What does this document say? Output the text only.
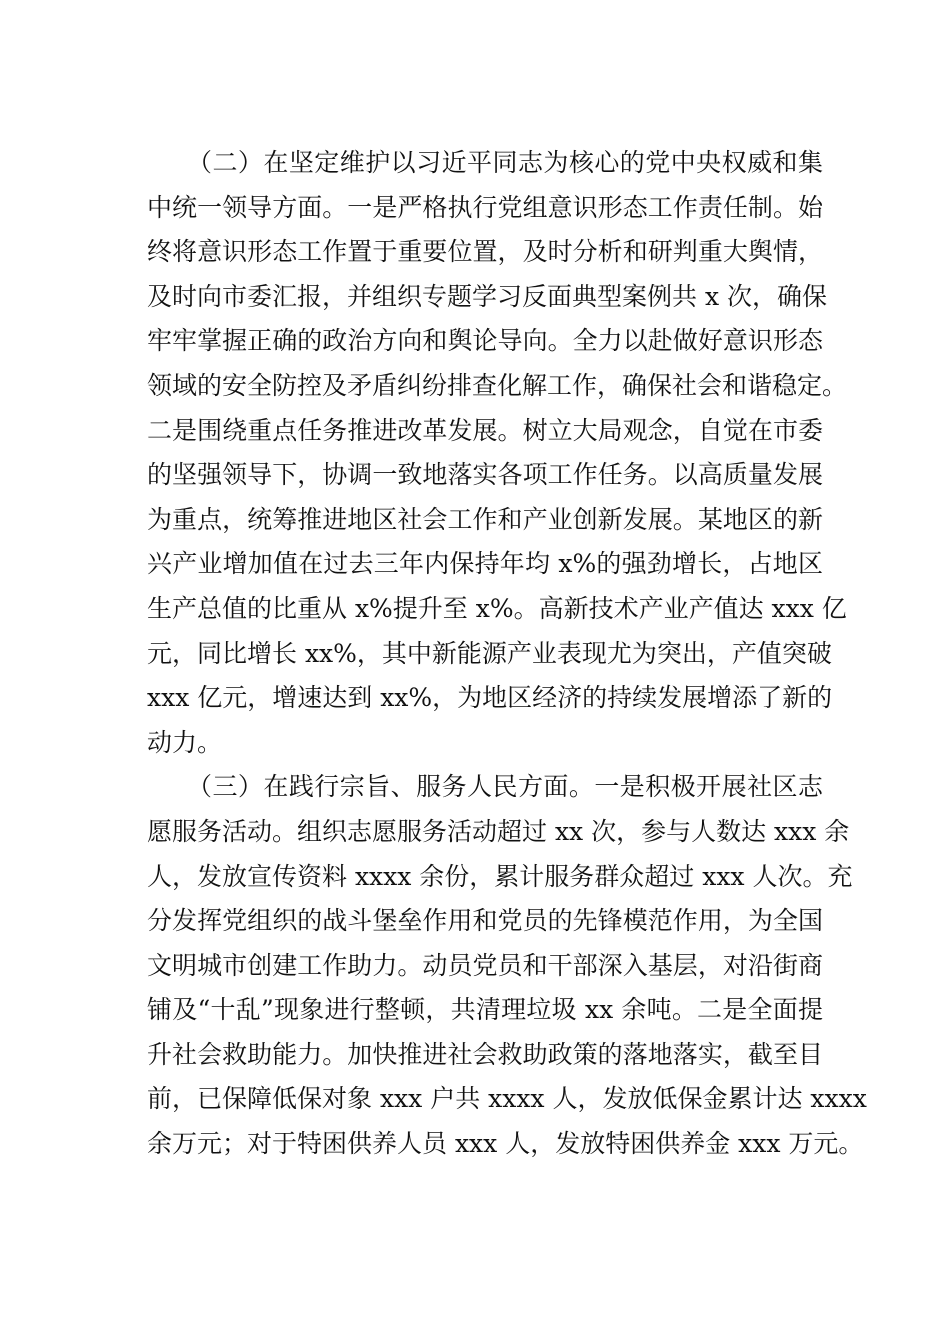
（二）在坚定维护以习近平同志为核心的党中央权威和集
中统一领导方面。一是严格执行党组意识形态工作责任制。始
终将意识形态工作置于重要位置，及时分析和研判重大舆情，
及时向市委汇报，并组织专题学习反面典型案例共 x 次，确保
牢牢掌握正确的政治方向和舆论导向。全力以赴做好意识形态
领域的安全防控及矛盾纠纷排查化解工作，确保社会和谐稳定。
二是围绕重点任务推进改革发展。树立大局观念，自觉在市委
的坚强领导下，协调一致地落实各项工作任务。以高质量发展
为重点，统筹推进地区社会工作和产业创新发展。某地区的新
兴产业增加值在过去三年内保持年均 x%的强劲增长，占地区
生产总值的比重从 x%提升至 x%。高新技术产业产值达 xxx 亿
元，同比增长 xx%，其中新能源产业表现尤为突出，产值突破
xxx 亿元，增速达到 xx%，为地区经济的持续发展增添了新的
动力。
（三）在践行宗旨、服务人民方面。一是积极开展社区志
愿服务活动。组织志愿服务活动超过 xx 次，参与人数达 xxx 余
人，发放宣传资料 xxxx 余份，累计服务群众超过 xxx 人次。充
分发挥党组织的战斗堡垒作用和党员的先锋模范作用，为全国
文明城市创建工作助力。动员党员和干部深入基层，对沿街商
铺及“十乱”现象进行整顿，共清理垃圾 xx 余吨。二是全面提
升社会救助能力。加快推进社会救助政策的落地落实，截至目
前，已保障低保对象 xxx 户共 xxxx 人，发放低保金累计达 xxxx
余万元；对于特困供养人员 xxx 人，发放特困供养金 xxx 万元。
